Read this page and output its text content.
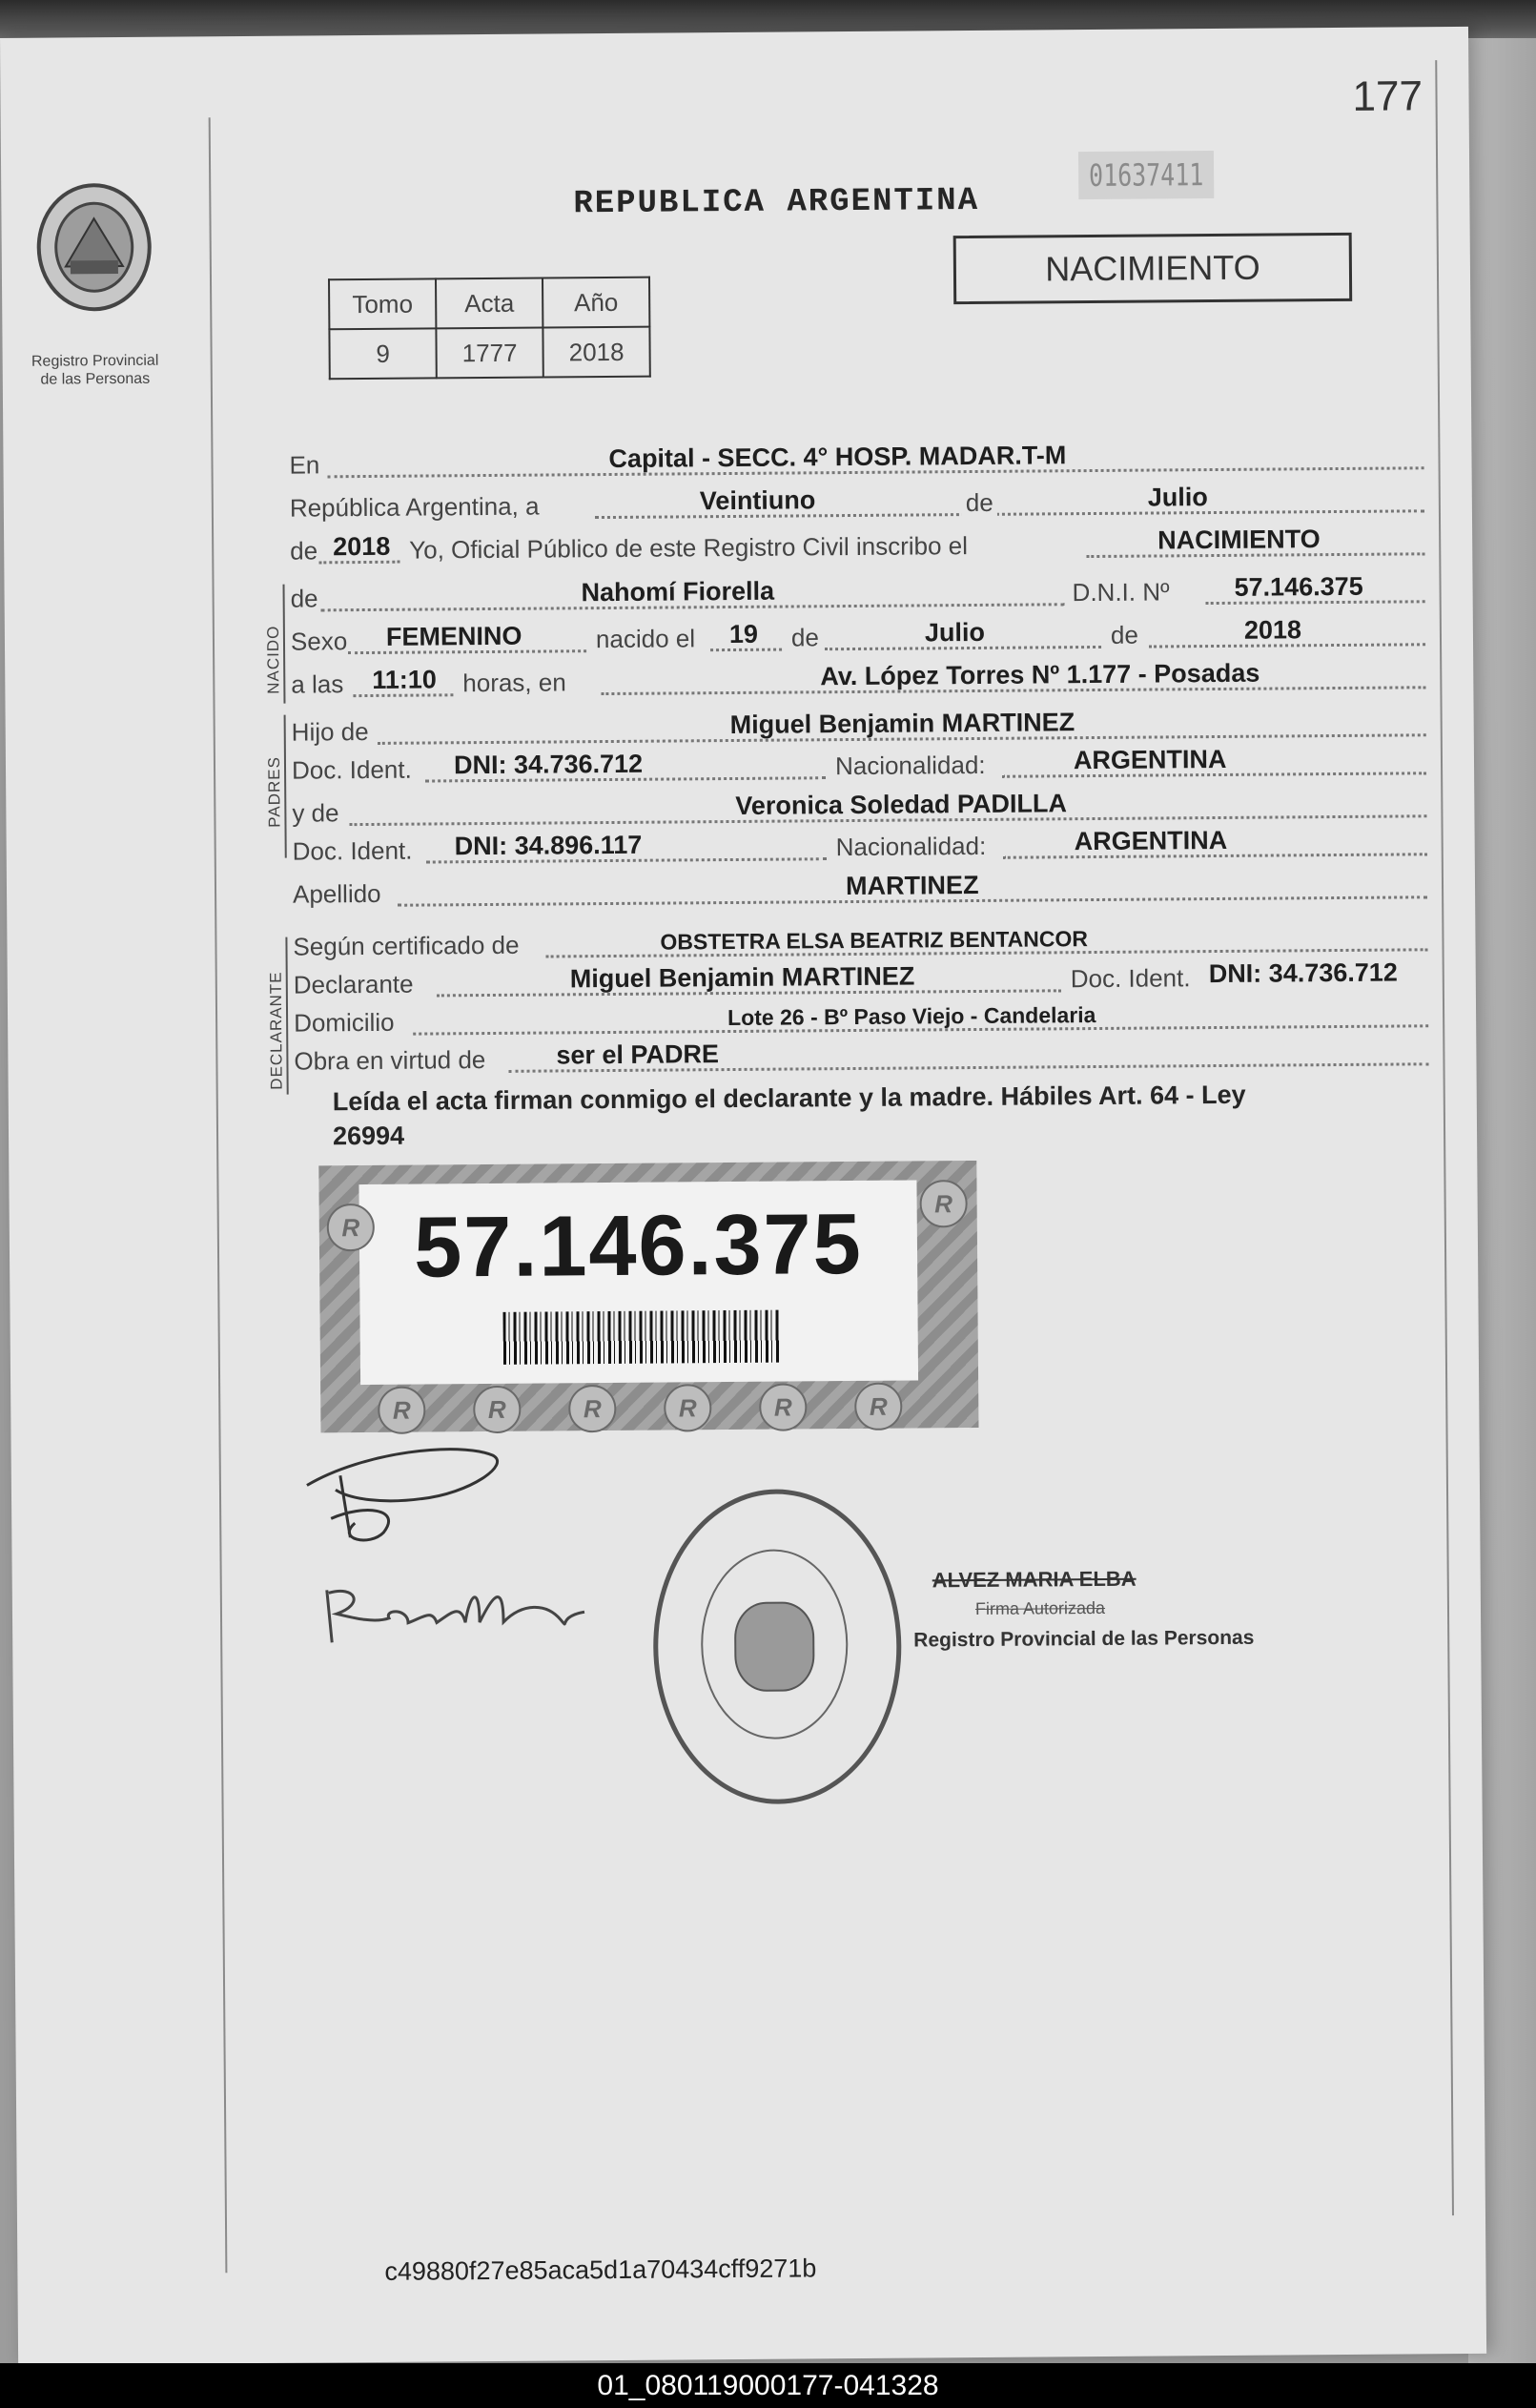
177
Registro Provincial
de las Personas
REPUBLICA ARGENTINA
01637411
Tomo	Acta	Año
9	1777	2018
NACIMIENTO
En	Capital - SECC. 4° HOSP. MADAR.T-M
República Argentina, a	Veintiuno	de	Julio
de 2018 Yo, Oficial Público de este Registro Civil inscribo el	NACIMIENTO
NACIDO
de	Nahomí Fiorella	D.N.I. Nº	57.146.375
Sexo FEMENINO	nacido el 19 de	Julio	de	2018
a las 11:10 horas, en	Av. López Torres Nº 1.177 - Posadas
PADRES
Hijo de	Miguel Benjamin MARTINEZ
Doc. Ident. DNI: 34.736.712	Nacionalidad:	ARGENTINA
y de	Veronica Soledad PADILLA
Doc. Ident. DNI: 34.896.117	Nacionalidad:	ARGENTINA
Apellido	MARTINEZ
DECLARANTE
Según certificado de	OBSTETRA ELSA BEATRIZ BENTANCOR
Declarante	Miguel Benjamin MARTINEZ	Doc. Ident. DNI: 34.736.712
Domicilio	Lote 26 - Bº Paso Viejo - Candelaria
Obra en virtud de	ser el PADRE
Leída el acta firman conmigo el declarante y la madre. Hábiles Art. 64 - Ley
26994
57.146.375
R
R
R	R	R	R	R	R
ALVEZ MARIA ELBA
Firma Autorizada
Registro Provincial de las Personas
c49880f27e85aca5d1a70434cff9271b
01_080119000177-041328
